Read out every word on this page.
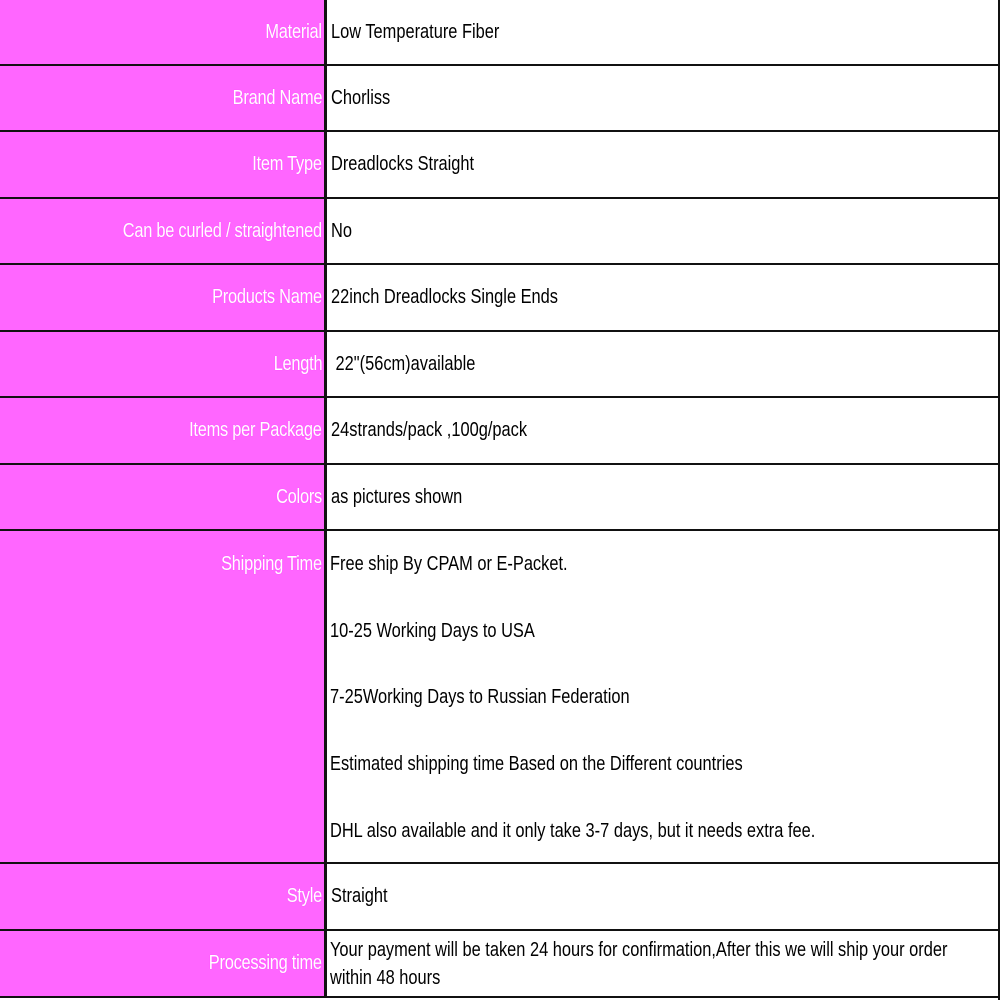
Material Low Temperature Fiber
Brand Name Chorliss
Item Type Dreadlocks Straight
Can be curled / straightened No
Products Name 22inch Dreadlocks Single Ends
Length 22"(56cm)available
Items per Package 24strands/pack ,100g/pack
Colors as pictures shown
Shipping Time Free ship By CPAM or E-Packet.
10-25 Working Days to USA
7-25Working Days to Russian Federation
Estimated shipping time Based on the Different countries
DHL also available and it only take 3-7 days, but it needs extra fee.
Style Straight
Processing time
Your payment will be taken 24 hours for confirmation,After this we will ship your order within 48 hours
